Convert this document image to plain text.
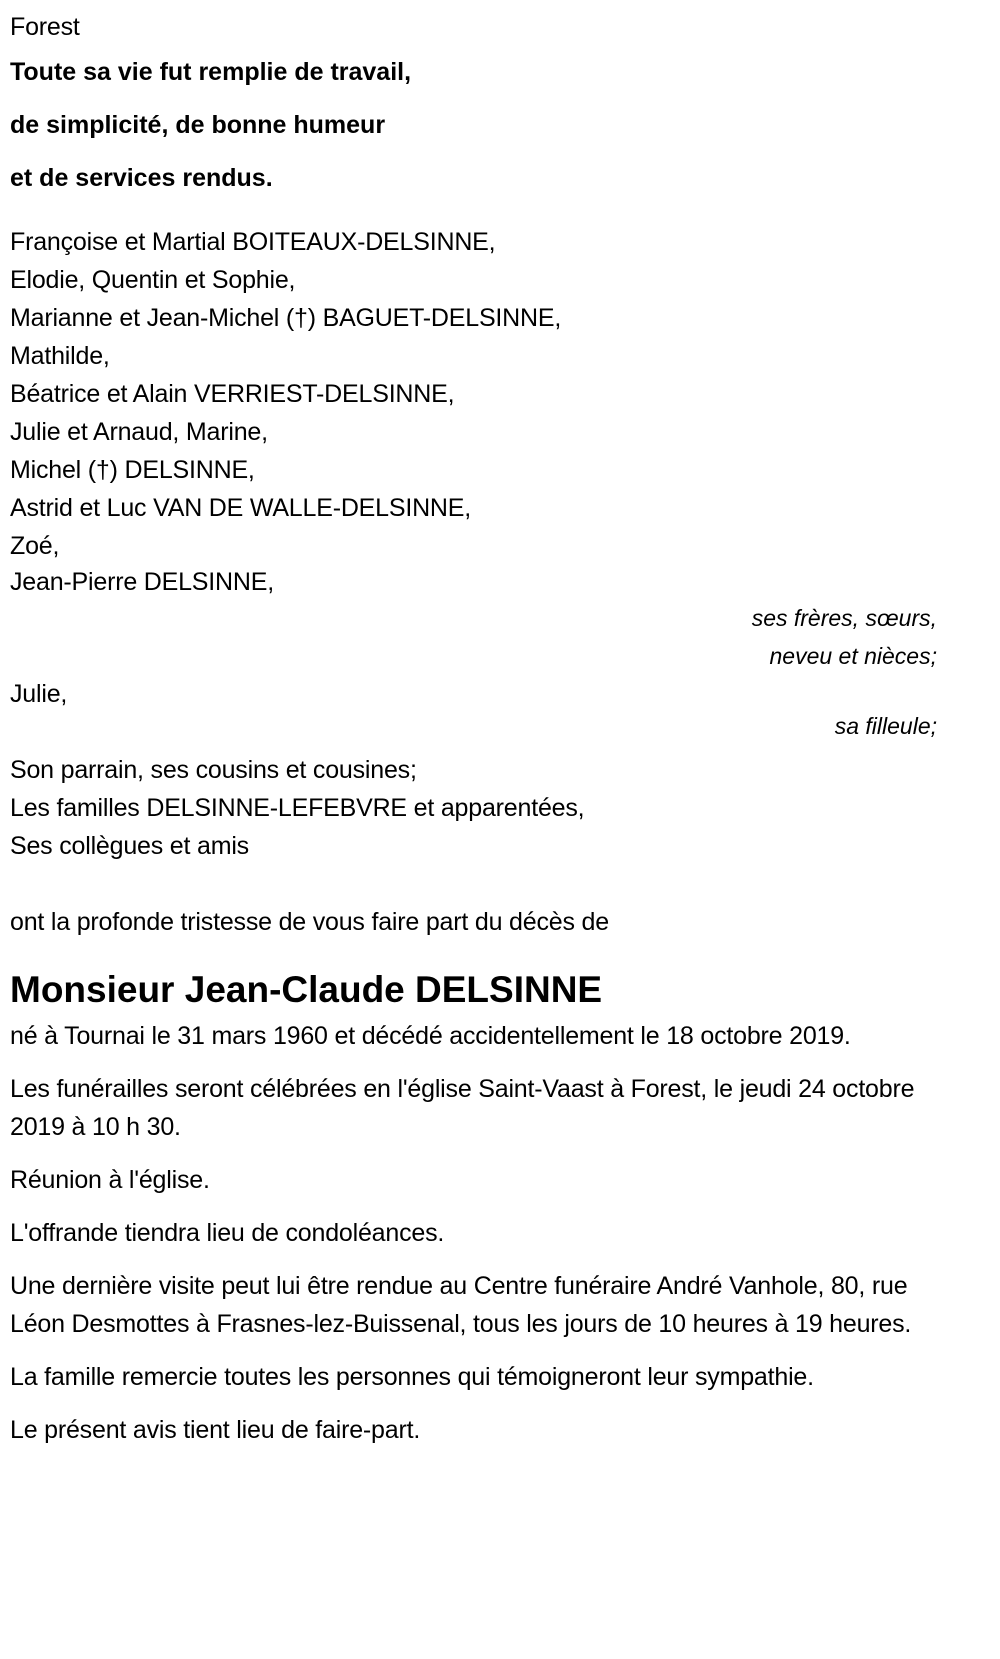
Forest
Toute sa vie fut remplie de travail,
de simplicité, de bonne humeur
et de services rendus.
Françoise et Martial BOITEAUX-DELSINNE,
Elodie, Quentin et Sophie,
Marianne et Jean-Michel (†) BAGUET-DELSINNE,
Mathilde,
Béatrice et Alain VERRIEST-DELSINNE,
Julie et Arnaud, Marine,
Michel (†) DELSINNE,
Astrid et Luc VAN DE WALLE-DELSINNE,
Zoé,
Jean-Pierre DELSINNE,
ses frères, sœurs,
neveu et nièces;
Julie,
sa filleule;
Son parrain, ses cousins et cousines;
Les familles DELSINNE-LEFEBVRE et apparentées,
Ses collègues et amis
ont la profonde tristesse de vous faire part du décès de
Monsieur Jean-Claude DELSINNE
né à Tournai le 31 mars 1960 et décédé accidentellement le 18 octobre 2019.
Les funérailles seront célébrées en l'église Saint-Vaast à Forest, le jeudi 24 octobre 2019 à 10 h 30.
Réunion à l'église.
L'offrande tiendra lieu de condoléances.
Une dernière visite peut lui être rendue au Centre funéraire André Vanhole, 80, rue Léon Desmottes à Frasnes-lez-Buissenal, tous les jours de 10 heures à 19 heures.
La famille remercie toutes les personnes qui témoigneront leur sympathie.
Le présent avis tient lieu de faire-part.
